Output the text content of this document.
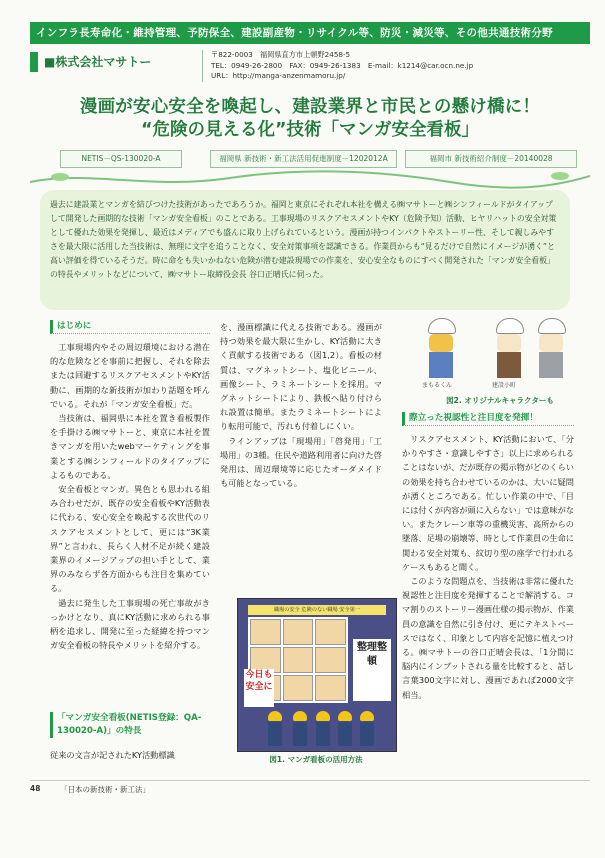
インフラ長寿命化・維持管理、予防保全、建設副産物・リサイクル等、防災・減災等、その他共通技術分野
■株式会社マサトー
〒822-0003　福岡県直方市上頓野2458-5
TEL：0949-26-2800　FAX：0949-26-1383　E-mail：k1214@car.ocn.ne.jp
URL：http://manga-anzenmamoru.jp/
漫画が安心安全を喚起し、建設業界と市民との懸け橋に！
“危険の見える化”技術「マンガ安全看板」
NETIS－QS-130020-A	福岡県 新技術・新工法活用促進制度－1202012A	福岡市 新技術紹介制度－20140028
過去に建設業とマンガを結びつけた技術があったであろうか。福岡と東京にそれぞれ本社を構える㈱マサトーと㈱シンフィールドがタイアップして開発した画期的な技術「マンガ安全看板」のことである。工事現場のリスクアセスメントやKY（危険予知）活動、ヒヤリハットの安全対策として優れた効果を発揮し、最近はメディアでも盛んに取り上げられているという。漫画が持つインパクトやストーリー性、そして親しみやすさを最大限に活用した当技術は、無理に文字を追うことなく、安全対策事項を認識できる。作業員からも“見るだけで自然にイメージが湧く”と高い評価を得ているそうだ。時に命をも失いかねない危険が潜む建設現場での作業を、安心安全なものにすべく開発された「マンガ安全看板」の特長やメリットなどについて、㈱マサトー取締役会長 谷口正晴氏に伺った。
はじめに

工事現場内やその周辺環境における潜在的な危険などを事前に把握し、それを除去または回避するリスクアセスメントやKY活動に、画期的な新技術が加わり話題を呼んでいる。それが「マンガ安全看板」だ。

当技術は、福岡県に本社を置き看板製作を手掛ける㈱マサトーと、東京に本社を置きマンガを用いたwebマーケティングを事業とする㈱シンフィールドのタイアップによるものである。

安全看板とマンガ。異色とも思われる組み合わせだが、既存の安全看板やKY活動表に代わる、安心安全を喚起する次世代のリスクアセスメントとして、更には“3K業界”と言われ、長らく人材不足が続く建設業界のイメージアップの担い手として、業界のみならず各方面からも注目を集めている。

過去に発生した工事現場の死亡事故がきっかけとなり、真にKY活動に求められる事柄を追求し、開発に至った経緯を持つマンガ安全看板の特長やメリットを紹介する。

「マンガ安全看板(NETIS登録：QA-130020-A)」の特長
従来の文言が記されたKY活動標識

を、漫画標識に代える技術である。漫画が持つ効果を最大限に生かし、KY活動に大きく貢献する技術である（図1,2）。看板の材質は、マグネットシート、塩化ビニール、画像シート、ラミネートシートを採用。マグネットシートにより、鉄板へ貼り付けられ設置は簡単。またラミネートシートにより転用可能で、汚れも付着しにくい。

ラインアップは「現場用」「啓発用」「工場用」の3種。住民や道路利用者に向けた啓発用は、周辺環境等に応じたオーダメイドも可能となっている。

職場の安全 危険のない職場 安全第一
整理整頓
今日も安全に
図1. マンガ看板の活用方法
まもるくん	建設小町
図2. オリジナルキャラクターも
際立った視認性と注目度を発揮！

リスクアセスメント、KY活動において、「分かりやすさ・意識しやすさ」以上に求められることはないが、だが既存の掲示物がどのくらいの効果を持ち合わせているのかは、大いに疑問が湧くところである。忙しい作業の中で、「目には付くが内容が頭に入らない」では意味がない。またクレーン車等の重機災害、高所からの墜落、足場の崩壊等、時として作業員の生命に関わる安全対策も、紋切り型の座学で行われるケースもあると聞く。

このような問題点を、当技術は非常に優れた視認性と注目度を発揮することで解消する。コマ割りのストーリー漫画仕様の掲示物が、作業員の意識を自然に引き付け、更にテキストベースではなく、印象として内容を記憶に植えつける。㈱マサトーの谷口正晴会長は、「1分間に脳内にインプットされる量を比較すると、話し言葉300文字に対し、漫画であれば2000文字相当。

48	「日本の新技術・新工法」
